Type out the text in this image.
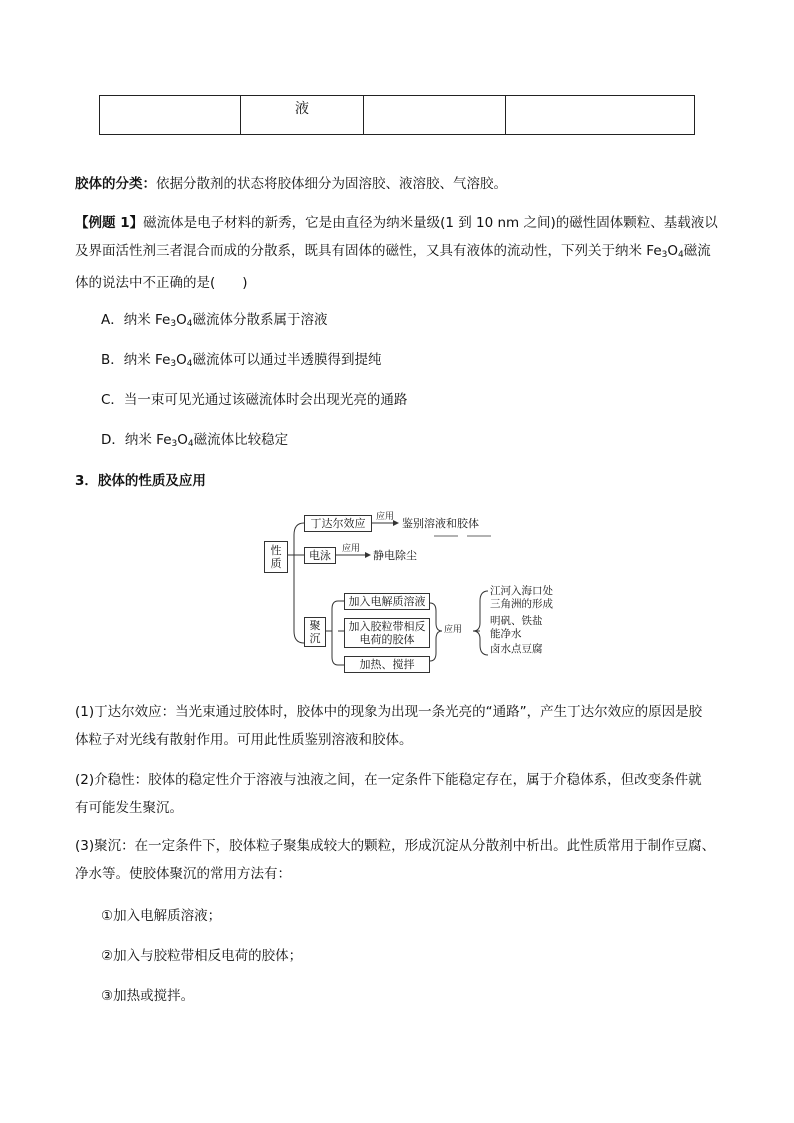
	液		
胶体的分类：依据分散剂的状态将胶体细分为固溶胶、液溶胶、气溶胶。
【例题 1】磁流体是电子材料的新秀，它是由直径为纳米量级(1 到 10 nm 之间)的磁性固体颗粒、基载液以
及界面活性剂三者混合而成的分散系，既具有固体的磁性，又具有液体的流动性，下列关于纳米 $Fe_3O_4$磁流
体的说法中不正确的是(　　)
A．纳米 $Fe_3O_4$磁流体分散系属于溶液
B．纳米 $Fe_3O_4$磁流体可以通过半透膜得到提纯
C．当一束可见光通过该磁流体时会出现光亮的通路
D．纳米 $Fe_3O_4$磁流体比较稳定
3．胶体的性质及应用
性
质
丁达尔效应	应用 鉴别溶液和胶体
电泳	应用 静电除尘
聚
沉
加入电解质溶液
加入胶粒带相反
电荷的胶体
加热、搅拌
应用
江河入海口处
三角洲的形成
明矾、铁盐
能净水
卤水点豆腐
(1)丁达尔效应：当光束通过胶体时，胶体中的现象为出现一条光亮的“通路”，产生丁达尔效应的原因是胶
体粒子对光线有散射作用。可用此性质鉴别溶液和胶体。
(2)介稳性：胶体的稳定性介于溶液与浊液之间，在一定条件下能稳定存在，属于介稳体系，但改变条件就
有可能发生聚沉。
(3)聚沉：在一定条件下，胶体粒子聚集成较大的颗粒，形成沉淀从分散剂中析出。此性质常用于制作豆腐、
净水等。使胶体聚沉的常用方法有：
①加入电解质溶液；
②加入与胶粒带相反电荷的胶体；
③加热或搅拌。
